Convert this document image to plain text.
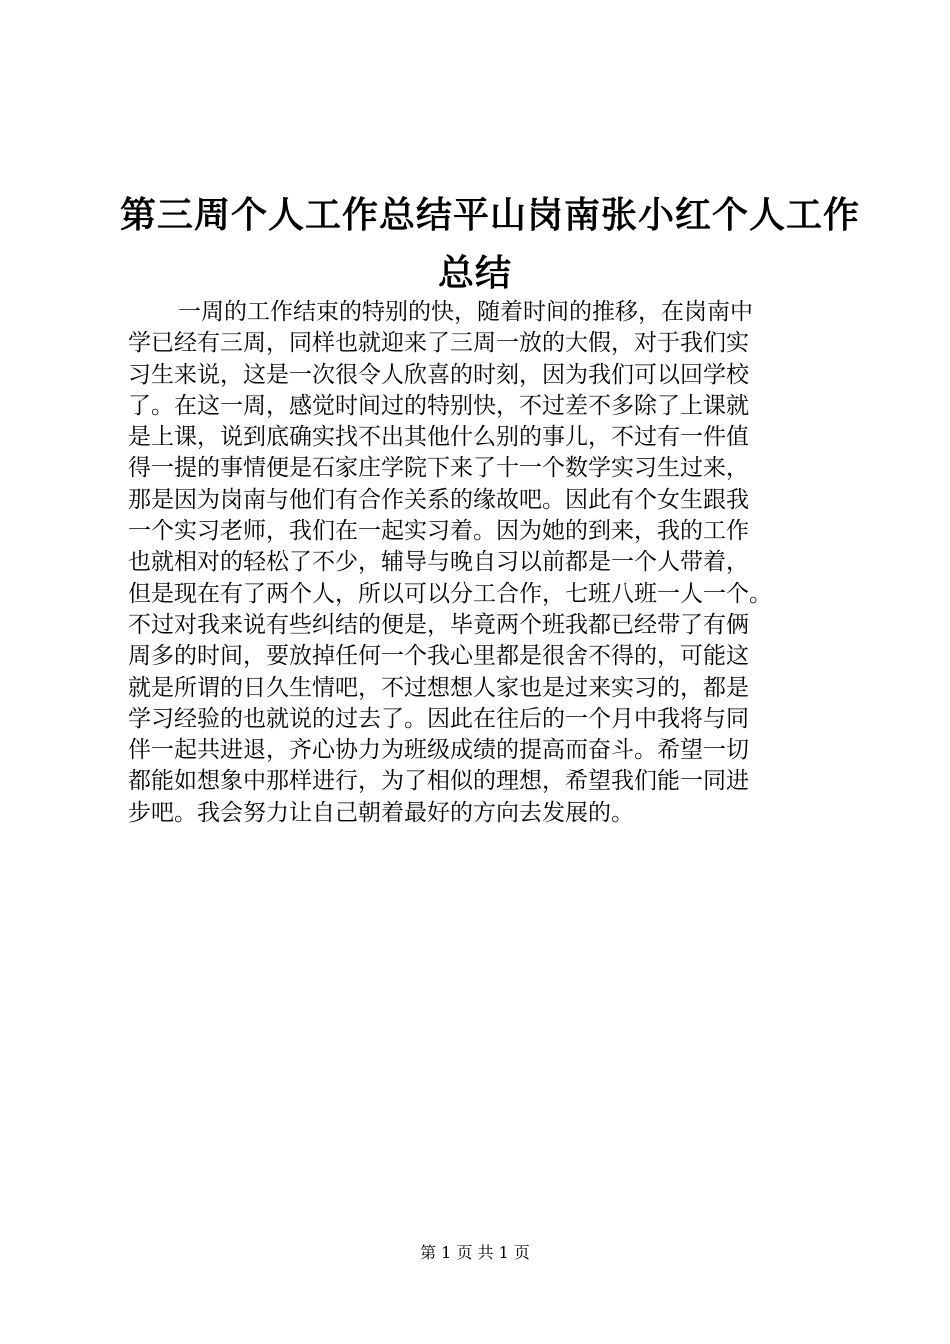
第三周个人工作总结平山岗南张小红个人工作
总结
一周的工作结束的特别的快，随着时间的推移，在岗南中
学已经有三周，同样也就迎来了三周一放的大假，对于我们实
习生来说，这是一次很令人欣喜的时刻，因为我们可以回学校
了。在这一周，感觉时间过的特别快，不过差不多除了上课就
是上课，说到底确实找不出其他什么别的事儿，不过有一件值
得一提的事情便是石家庄学院下来了十一个数学实习生过来，
那是因为岗南与他们有合作关系的缘故吧。因此有个女生跟我
一个实习老师，我们在一起实习着。因为她的到来，我的工作
也就相对的轻松了不少，辅导与晚自习以前都是一个人带着，
但是现在有了两个人，所以可以分工合作，七班八班一人一个。
不过对我来说有些纠结的便是，毕竟两个班我都已经带了有俩
周多的时间，要放掉任何一个我心里都是很舍不得的，可能这
就是所谓的日久生情吧，不过想想人家也是过来实习的，都是
学习经验的也就说的过去了。因此在往后的一个月中我将与同
伴一起共进退，齐心协力为班级成绩的提高而奋斗。希望一切
都能如想象中那样进行，为了相似的理想，希望我们能一同进
步吧。我会努力让自己朝着最好的方向去发展的。
第 1 页 共 1 页
